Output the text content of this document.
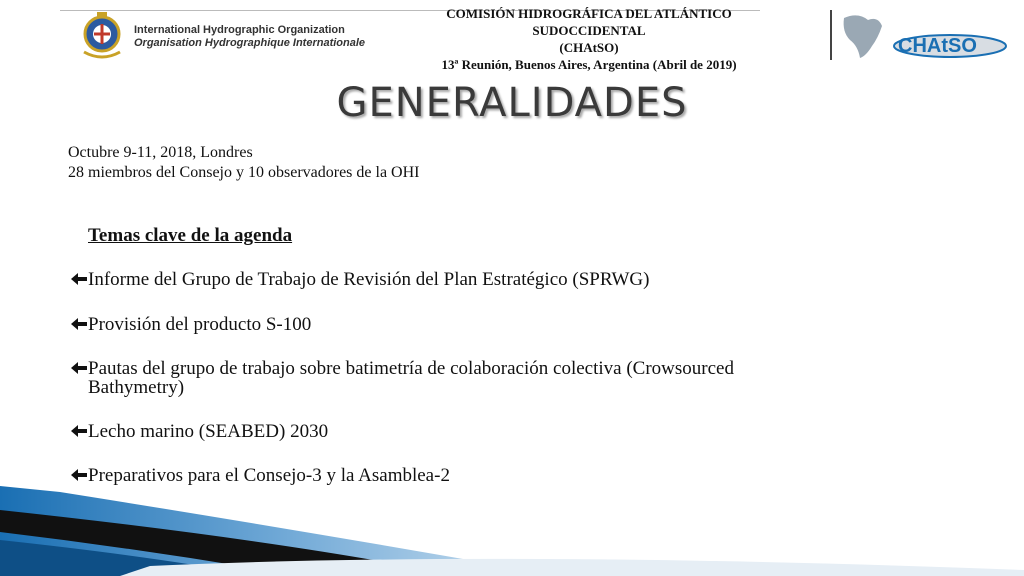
International Hydrographic Organization
Organisation Hydrographique Internationale
COMISIÓN HIDROGRÁFICA DEL ATLÁNTICO
SUDOCCIDENTAL
(CHAtSO)
13ª Reunión, Buenos Aires, Argentina (Abril de 2019)
CHAtSO
GENERALIDADES
Octubre 9-11, 2018, Londres
28 miembros del Consejo y 10 observadores de la OHI
Temas clave de la agenda
Informe del Grupo de Trabajo de Revisión del Plan Estratégico (SPRWG)
Provisión del producto S-100
Pautas del grupo de trabajo sobre batimetría de colaboración colectiva (Crowsourced Bathymetry)
Lecho marino (SEABED) 2030
Preparativos para el Consejo-3 y la Asamblea-2
